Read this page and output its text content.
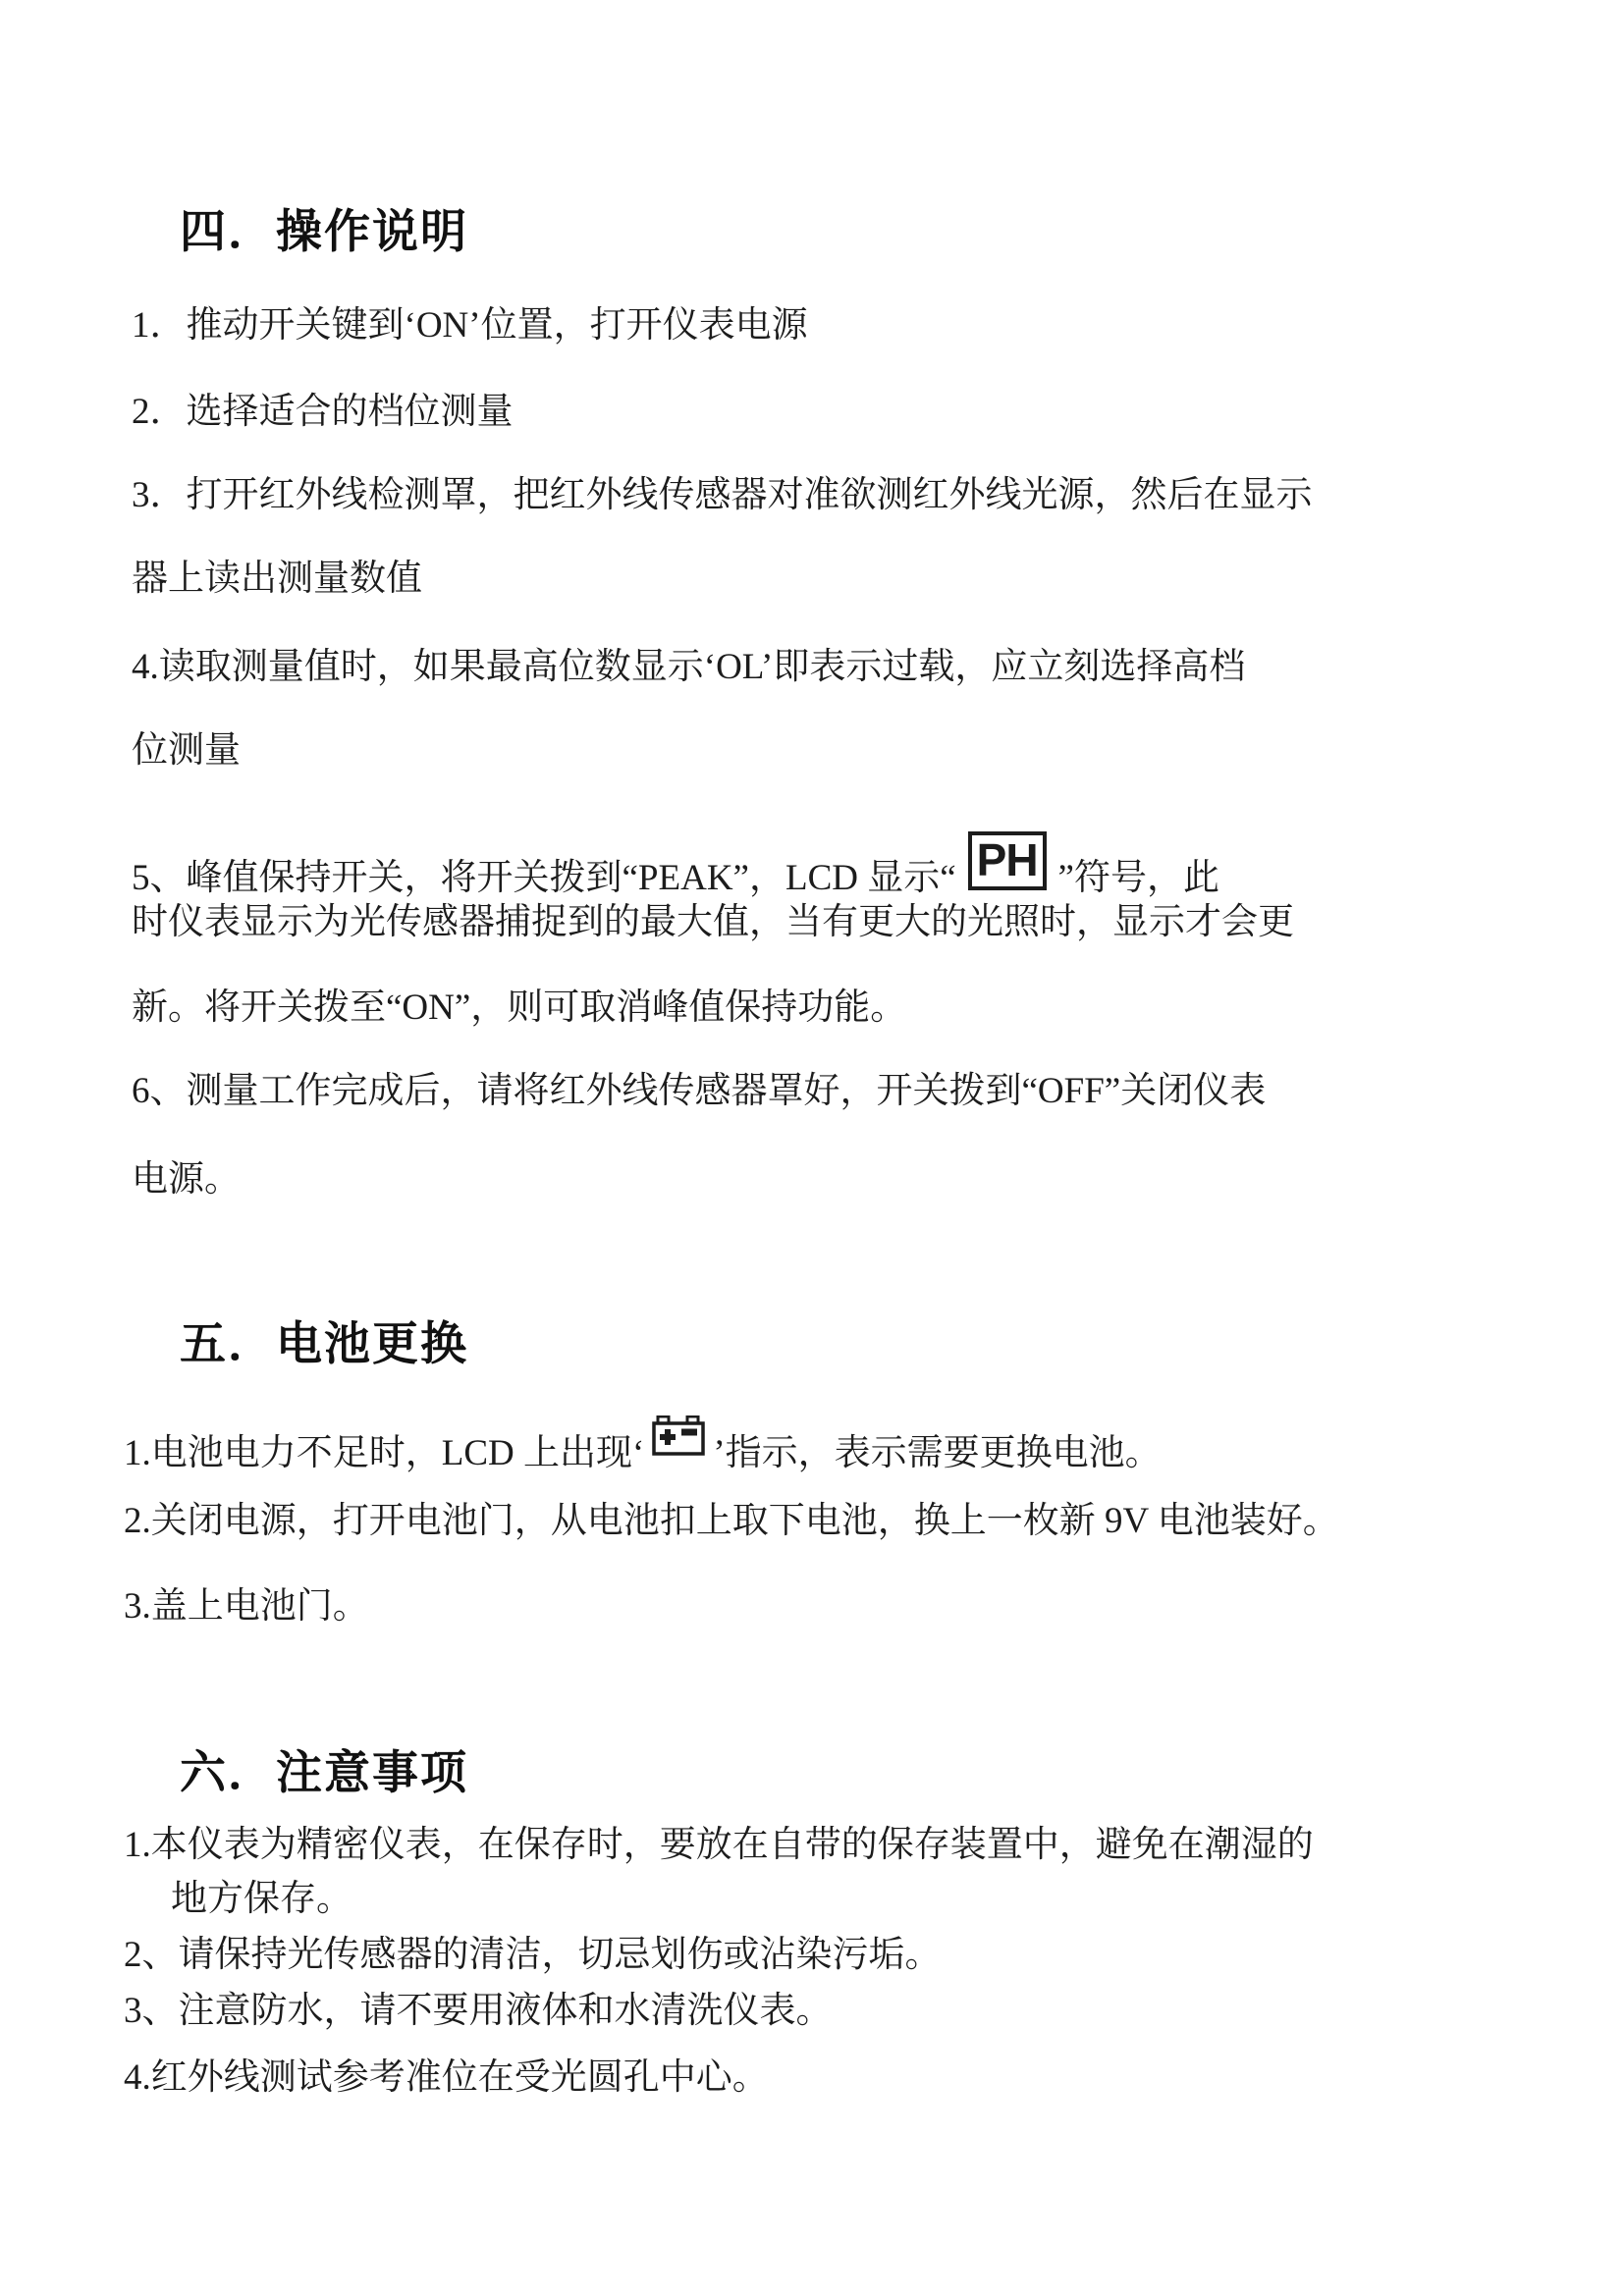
四．操作说明

1．推动开关键到‘ON’位置，打开仪表电源

2．选择适合的档位测量

3．打开红外线检测罩，把红外线传感器对准欲测红外线光源，然后在显示

器上读出测量数值

4.读取测量值时，如果最高位数显示‘OL’即表示过载，应立刻选择高档

位测量

5、峰值保持开关，将开关拨到“PEAK”，LCD 显示“ PH ”符号，此

时仪表显示为光传感器捕捉到的最大值，当有更大的光照时，显示才会更

新。将开关拨至“ON”，则可取消峰值保持功能。

6、测量工作完成后，请将红外线传感器罩好，开关拨到“OFF”关闭仪表

电源。

五．电池更换

1.电池电力不足时，LCD 上出现‘ ’指示，表示需要更换电池。

2.关闭电源，打开电池门，从电池扣上取下电池，换上一枚新 9V 电池装好。

3.盖上电池门。

六．注意事项

1.本仪表为精密仪表，在保存时，要放在自带的保存装置中，避免在潮湿的

地方保存。

2、请保持光传感器的清洁，切忌划伤或沾染污垢。

3、注意防水，请不要用液体和水清洗仪表。

4.红外线测试参考准位在受光圆孔中心。
